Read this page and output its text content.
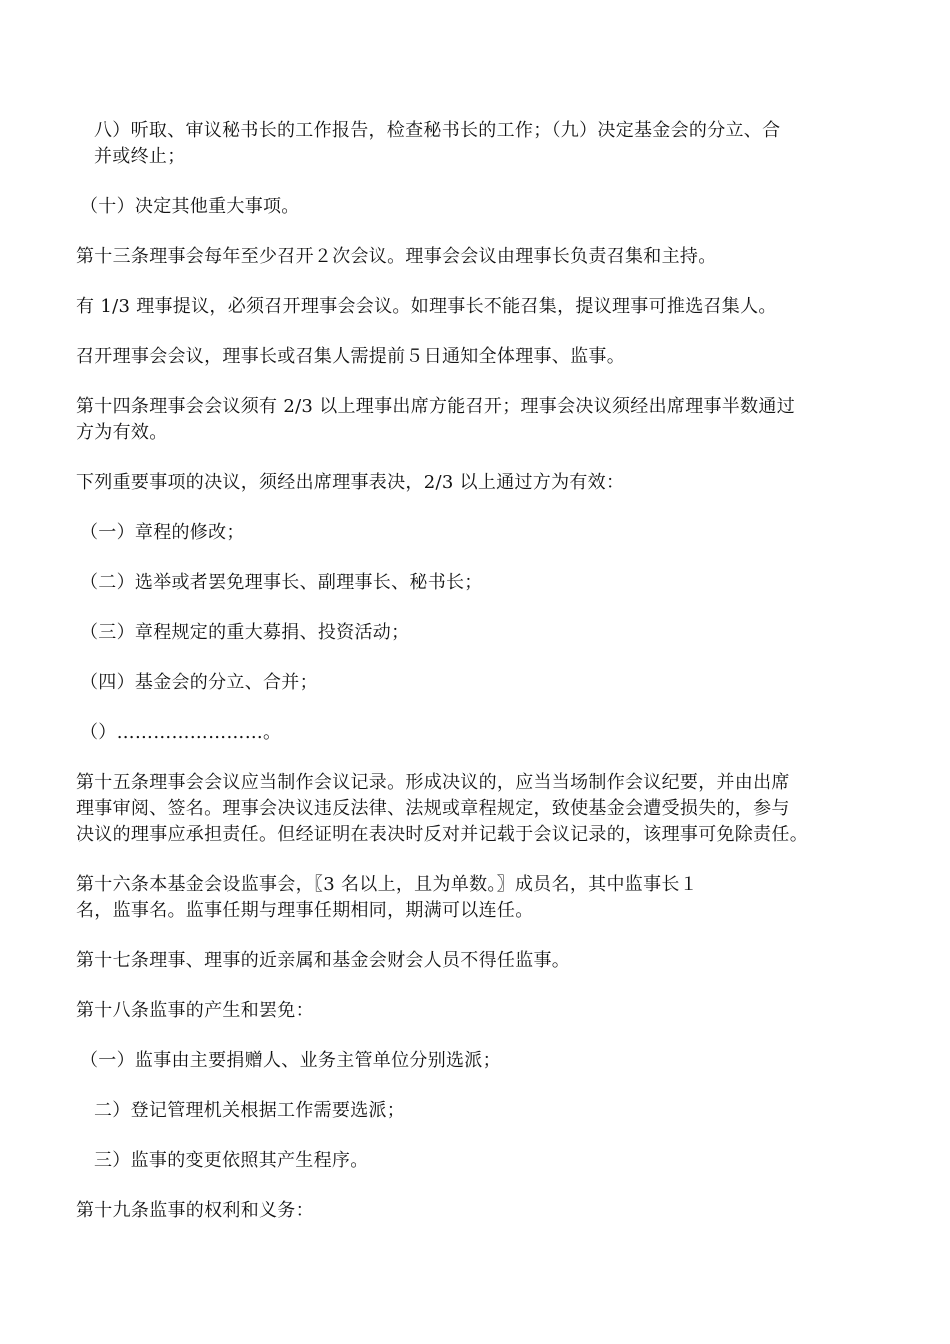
八）听取、审议秘书长的工作报告，检查秘书长的工作；（九）决定基金会的分立、合
并或终止；

（十）决定其他重大事项。

第十三条理事会每年至少召开２次会议。理事会会议由理事长负责召集和主持。

有 1/3 理事提议，必须召开理事会会议。如理事长不能召集，提议理事可推选召集人。

召开理事会会议，理事长或召集人需提前５日通知全体理事、监事。

第十四条理事会会议须有 2/3 以上理事出席方能召开；理事会决议须经出席理事半数通过
方为有效。

下列重要事项的决议，须经出席理事表决，2/3 以上通过方为有效：

（一）章程的修改；

（二）选举或者罢免理事长、副理事长、秘书长；

（三）章程规定的重大募捐、投资活动；

（四）基金会的分立、合并；

（）……………………。

第十五条理事会会议应当制作会议记录。形成决议的，应当当场制作会议纪要，并由出席
理事审阅、签名。理事会决议违反法律、法规或章程规定，致使基金会遭受损失的，参与
决议的理事应承担责任。但经证明在表决时反对并记载于会议记录的，该理事可免除责任。

第十六条本基金会设监事会，〖3 名以上，且为单数。〗成员名，其中监事长１
名，监事名。监事任期与理事任期相同，期满可以连任。

第十七条理事、理事的近亲属和基金会财会人员不得任监事。

第十八条监事的产生和罢免：

（一）监事由主要捐赠人、业务主管单位分别选派；

二）登记管理机关根据工作需要选派；

三）监事的变更依照其产生程序。

第十九条监事的权利和义务：
